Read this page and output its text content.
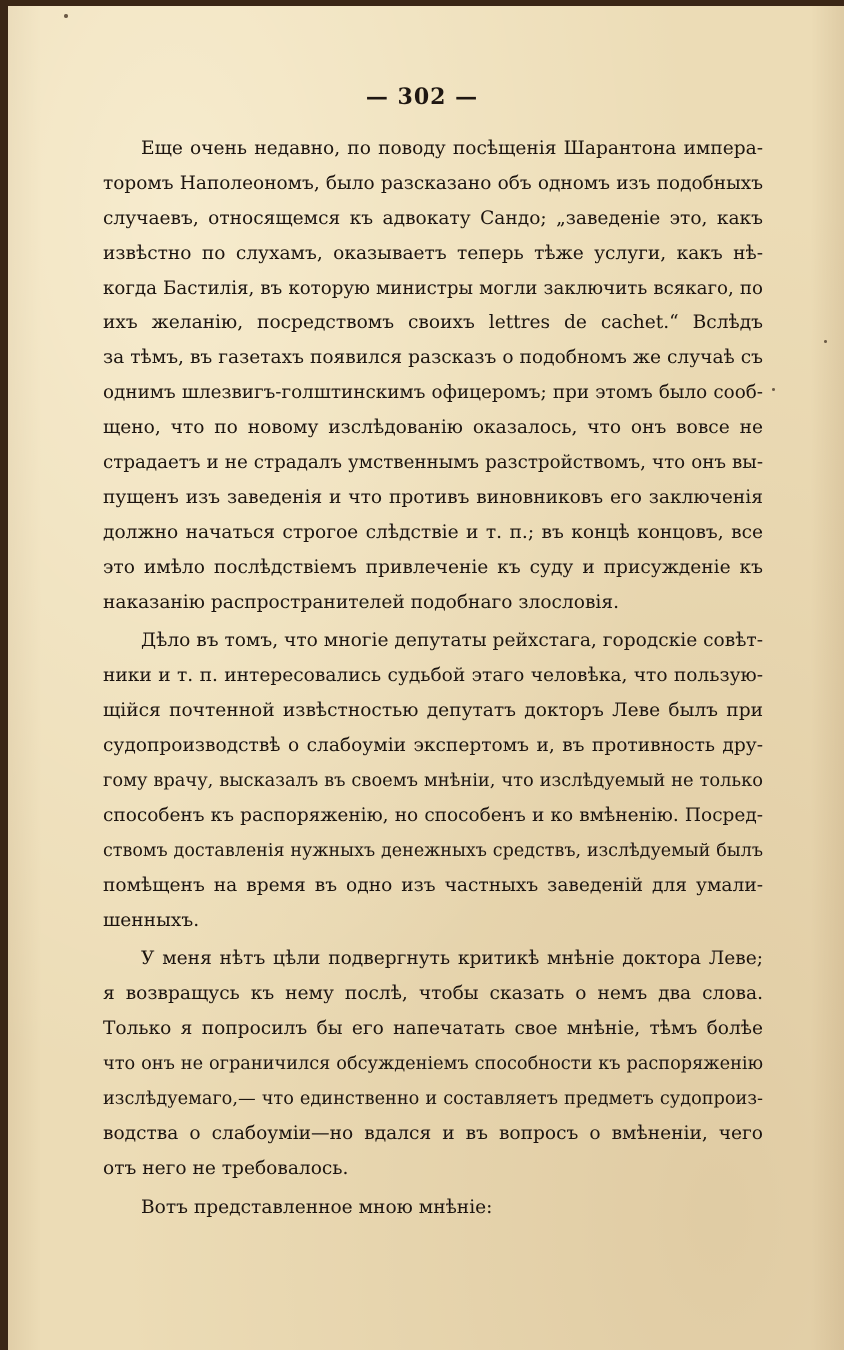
— 302 —

Еще очень недавно, по поводу посѣщенія Шарантона импера-
торомъ Наполеономъ, было разсказано объ одномъ изъ подобныхъ
случаевъ, относящемся къ адвокату Сандо; „заведеніе это, какъ
извѣстно по слухамъ, оказываетъ теперь тѣже услуги, какъ нѣ-
когда Бастилія, въ которую министры могли заключить всякаго, по
ихъ желанію, посредствомъ своихъ lettres de cachet.“ Вслѣдъ
за тѣмъ, въ газетахъ появился разсказъ о подобномъ же случаѣ съ
однимъ шлезвигъ-голштинскимъ офицеромъ; при этомъ было сооб-
щено, что по новому изслѣдованію оказалось, что онъ вовсе не
страдаетъ и не страдалъ умственнымъ разстройствомъ, что онъ вы-
пущенъ изъ заведенія и что противъ виновниковъ его заключенія
должно начаться строгое слѣдствіе и т. п.; въ концѣ концовъ, все
это имѣло послѣдствіемъ привлеченіе къ суду и присужденіе къ
наказанію распространителей подобнаго злословія.

Дѣло въ томъ, что многіе депутаты рейхстага, городскіе совѣт-
ники и т. п. интересовались судьбой этаго человѣка, что пользую-
щійся почтенной извѣстностью депутатъ докторъ Леве былъ при
судопроизводствѣ о слабоуміи экспертомъ и, въ противность дру-
гому врачу, высказалъ въ своемъ мнѣніи, что изслѣдуемый не только
способенъ къ распоряженію, но способенъ и ко вмѣненію. Посред-
ствомъ доставленія нужныхъ денежныхъ средствъ, изслѣдуемый былъ
помѣщенъ на время въ одно изъ частныхъ заведеній для умали-
шенныхъ.

У меня нѣтъ цѣли подвергнуть критикѣ мнѣніе доктора Леве;
я возвращусь къ нему послѣ, чтобы сказать о немъ два слова.
Только я попросилъ бы его напечатать свое мнѣніе, тѣмъ болѣе
что онъ не ограничился обсужденіемъ способности къ распоряженію
изслѣдуемаго,— что единственно и составляетъ предметъ судопроиз-
водства о слабоуміи—но вдался и въ вопросъ о вмѣненіи, чего
отъ него не требовалось.

Вотъ представленное мною мнѣніе:
